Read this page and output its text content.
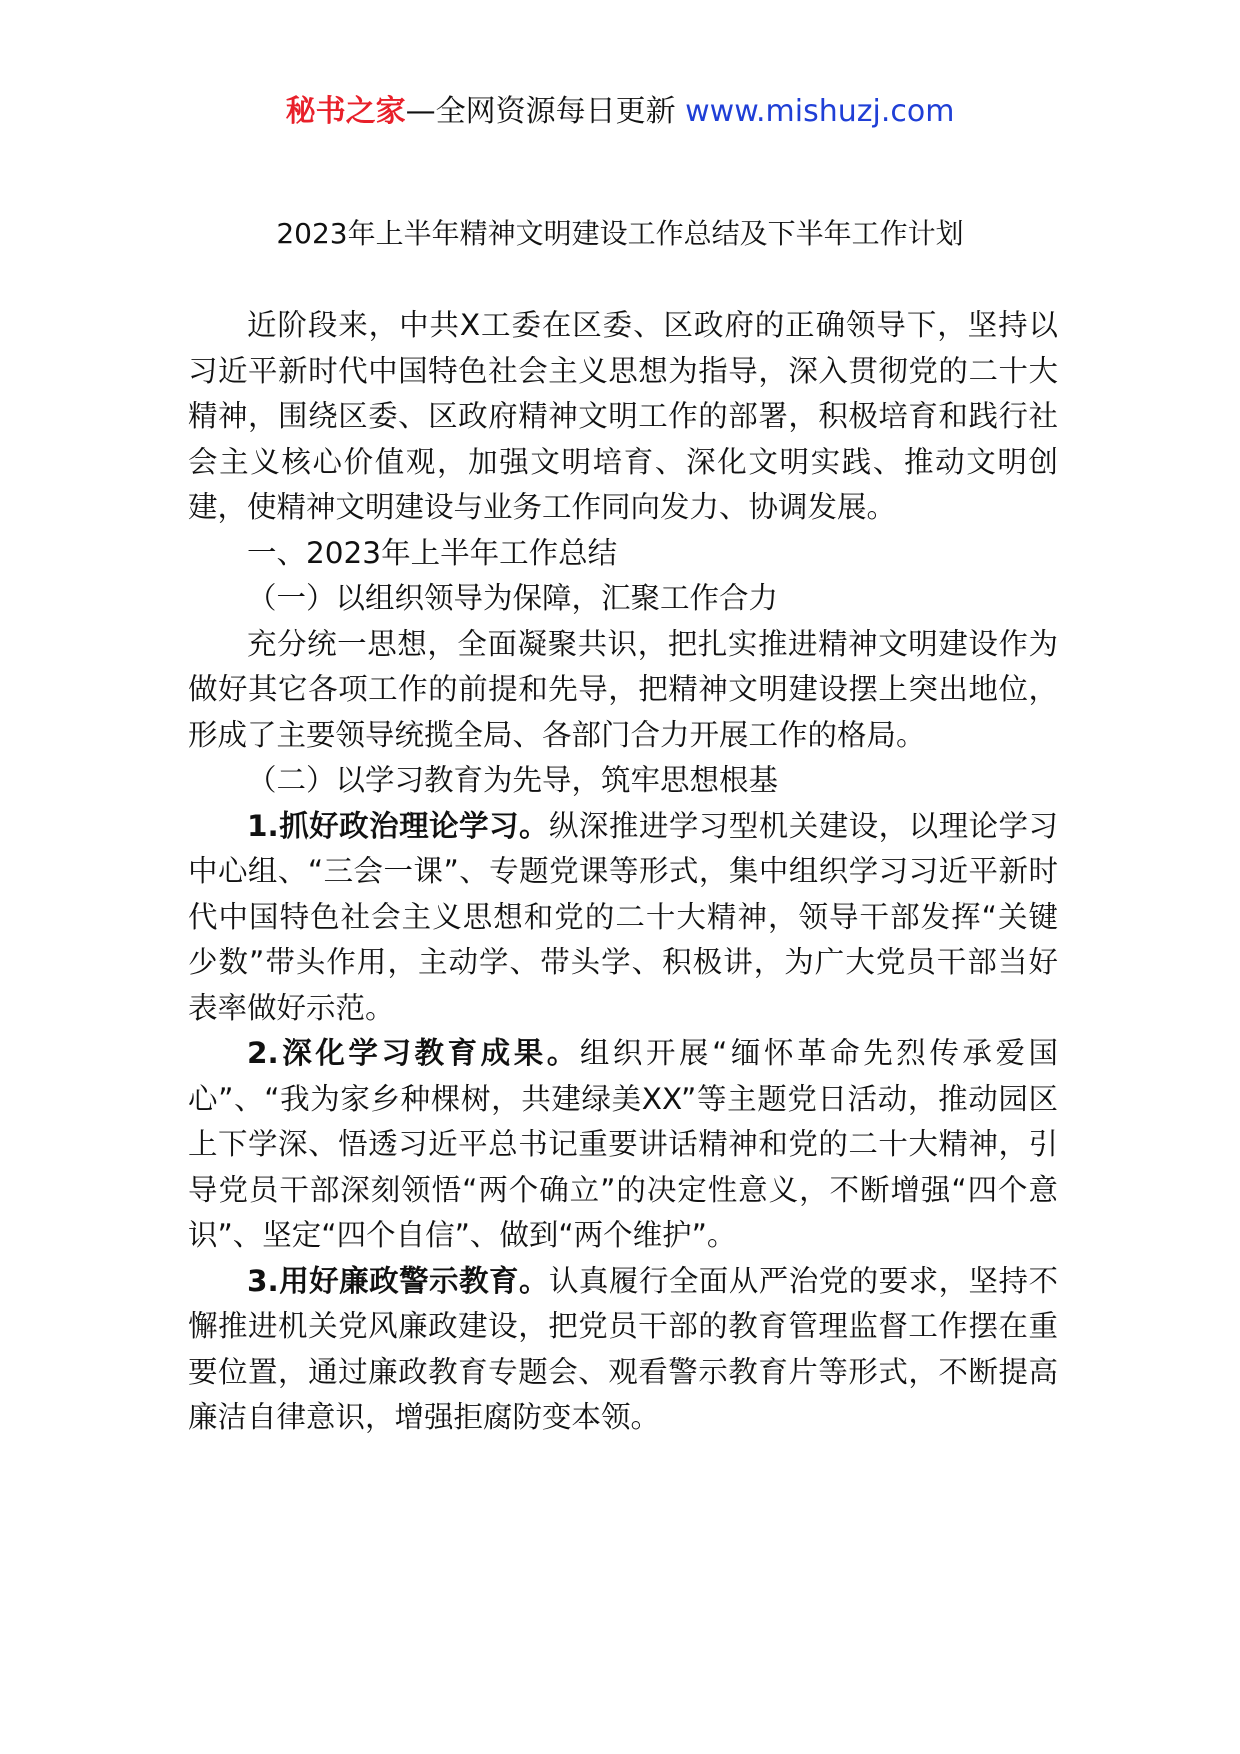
秘书之家—全网资源每日更新 www.mishuzj.com
2023年上半年精神文明建设工作总结及下半年工作计划

近阶段来，中共X工委在区委、区政府的正确领导下，坚持以习近平新时代中国特色社会主义思想为指导，深入贯彻党的二十大精神，围绕区委、区政府精神文明工作的部署，积极培育和践行社会主义核心价值观，加强文明培育、深化文明实践、推动文明创建，使精神文明建设与业务工作同向发力、协调发展。

一、2023年上半年工作总结

（一）以组织领导为保障，汇聚工作合力

充分统一思想，全面凝聚共识，把扎实推进精神文明建设作为做好其它各项工作的前提和先导，把精神文明建设摆上突出地位，形成了主要领导统揽全局、各部门合力开展工作的格局。

（二）以学习教育为先导，筑牢思想根基

1.抓好政治理论学习。纵深推进学习型机关建设，以理论学习中心组、“三会一课”、专题党课等形式，集中组织学习习近平新时代中国特色社会主义思想和党的二十大精神，领导干部发挥“关键少数”带头作用，主动学、带头学、积极讲，为广大党员干部当好表率做好示范。

2.深化学习教育成果。组织开展“缅怀革命先烈传承爱国心”、“我为家乡种棵树，共建绿美XX”等主题党日活动，推动园区上下学深、悟透习近平总书记重要讲话精神和党的二十大精神，引导党员干部深刻领悟“两个确立”的决定性意义，不断增强“四个意识”、坚定“四个自信”、做到“两个维护”。

3.用好廉政警示教育。认真履行全面从严治党的要求，坚持不懈推进机关党风廉政建设，把党员干部的教育管理监督工作摆在重要位置，通过廉政教育专题会、观看警示教育片等形式，不断提高廉洁自律意识，增强拒腐防变本领。
